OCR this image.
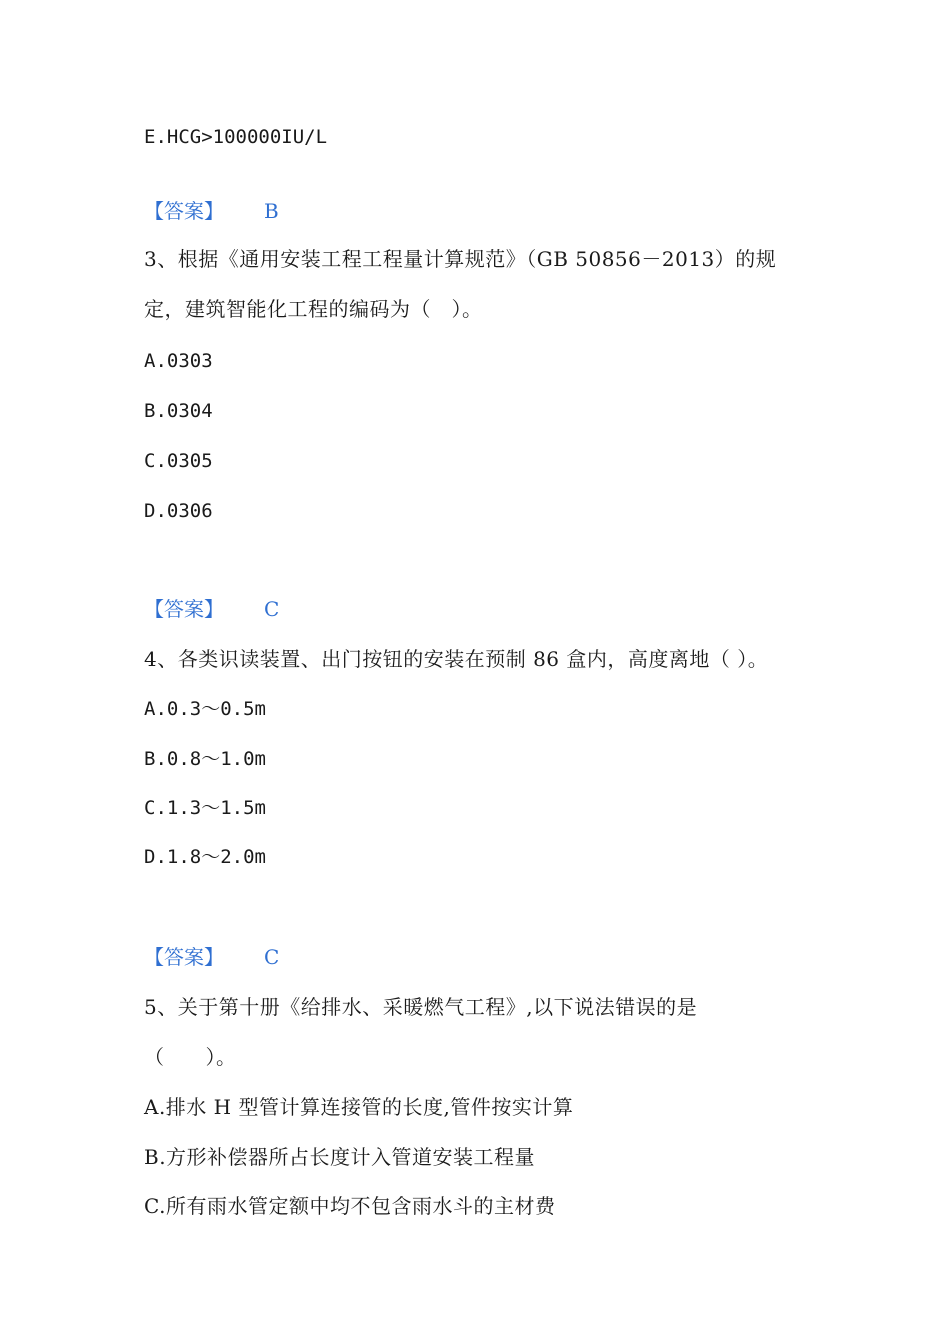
E.HCG>100000IU/L
【答案】 B
3、根据《通用安装工程工程量计算规范》（GB 50856－2013）的规
定，建筑智能化工程的编码为（　）。
A.0303
B.0304
C.0305
D.0306
【答案】 C
4、各类识读装置、出门按钮的安装在预制 86 盒内，高度离地（ ）。
A.0.3～0.5m
B.0.8～1.0m
C.1.3～1.5m
D.1.8～2.0m
【答案】 C
5、关于第十册《给排水、采暖燃气工程》,以下说法错误的是
（　　）。
A.排水 H 型管计算连接管的长度,管件按实计算
B.方形补偿器所占长度计入管道安装工程量
C.所有雨水管定额中均不包含雨水斗的主材费
